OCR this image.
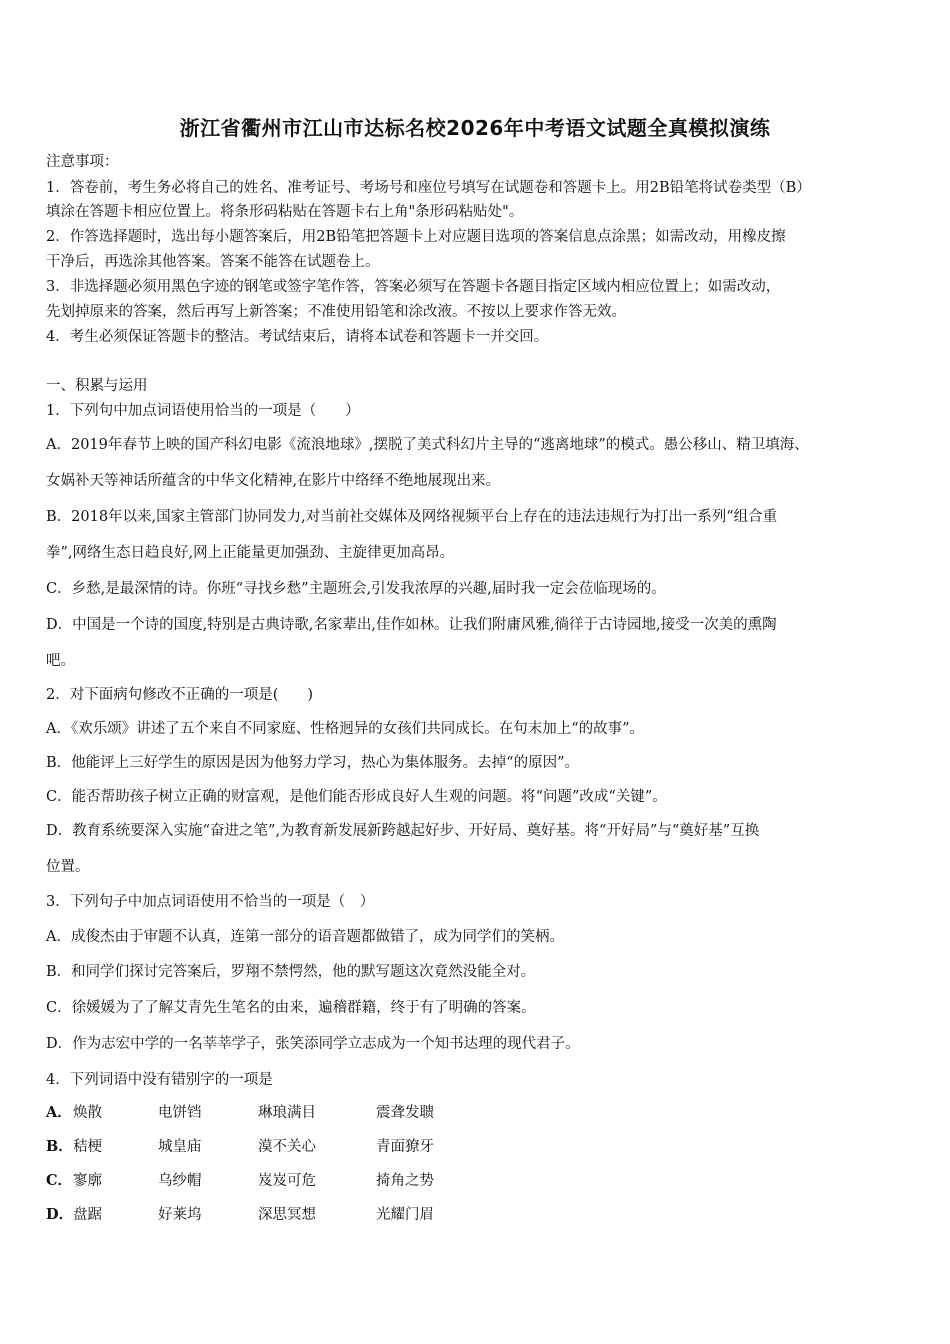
浙江省衢州市江山市达标名校2026年中考语文试题全真模拟演练
注意事项：
1．答卷前，考生务必将自己的姓名、准考证号、考场号和座位号填写在试题卷和答题卡上。用2B铅笔将试卷类型（B）
填涂在答题卡相应位置上。将条形码粘贴在答题卡右上角"条形码粘贴处"。
2．作答选择题时，选出每小题答案后，用2B铅笔把答题卡上对应题目选项的答案信息点涂黑；如需改动，用橡皮擦
干净后，再选涂其他答案。答案不能答在试题卷上。
3．非选择题必须用黑色字迹的钢笔或签字笔作答，答案必须写在答题卡各题目指定区域内相应位置上；如需改动，
先划掉原来的答案，然后再写上新答案；不准使用铅笔和涂改液。不按以上要求作答无效。
4．考生必须保证答题卡的整洁。考试结束后，请将本试卷和答题卡一并交回。
一、积累与运用
1．下列句中加点词语使用恰当的一项是（　　）
A．2019年春节上映的国产科幻电影《流浪地球》,摆脱了美式科幻片主导的“逃离地球”的模式。愚公移山、精卫填海、
女娲补天等神话所蕴含的中华文化精神,在影片中络绎不绝地展现出来。
B．2018年以来,国家主管部门协同发力,对当前社交媒体及网络视频平台上存在的违法违规行为打出一系列“组合重
拳”,网络生态日趋良好,网上正能量更加强劲、主旋律更加高昂。
C．乡愁,是最深情的诗。你班“寻找乡愁”主题班会,引发我浓厚的兴趣,届时我一定会莅临现场的。
D．中国是一个诗的国度,特别是古典诗歌,名家辈出,佳作如林。让我们附庸风雅,徜徉于古诗园地,接受一次美的熏陶
吧。
2．对下面病句修改不正确的一项是(　　)
A．《欢乐颂》讲述了五个来自不同家庭、性格迥异的女孩们共同成长。在句末加上“的故事”。
B．他能评上三好学生的原因是因为他努力学习，热心为集体服务。去掉“的原因”。
C．能否帮助孩子树立正确的财富观，是他们能否形成良好人生观的问题。将“问题”改成“关键”。
D．教育系统要深入实施“奋进之笔”,为教育新发展新跨越起好步、开好局、奠好基。将“开好局”与“奠好基”互换
位置。
3．下列句子中加点词语使用不恰当的一项是（　）
A．成俊杰由于审题不认真，连第一部分的语音题都做错了，成为同学们的笑柄。
B．和同学们探讨完答案后，罗翔不禁愕然，他的默写题这次竟然没能全对。
C．徐媛媛为了了解艾青先生笔名的由来，遍稽群籍，终于有了明确的答案。
D．作为志宏中学的一名莘莘学子，张笑添同学立志成为一个知书达理的现代君子。
4．下列词语中没有错别字的一项是
A． 焕散	电饼铛	琳琅满目	震聋发聩
B． 秸梗	城皇庙	漠不关心	青面獠牙
C． 寥廓	乌纱帽	岌岌可危	掎角之势
D． 盘踞	好莱坞	深思冥想	光耀门眉
